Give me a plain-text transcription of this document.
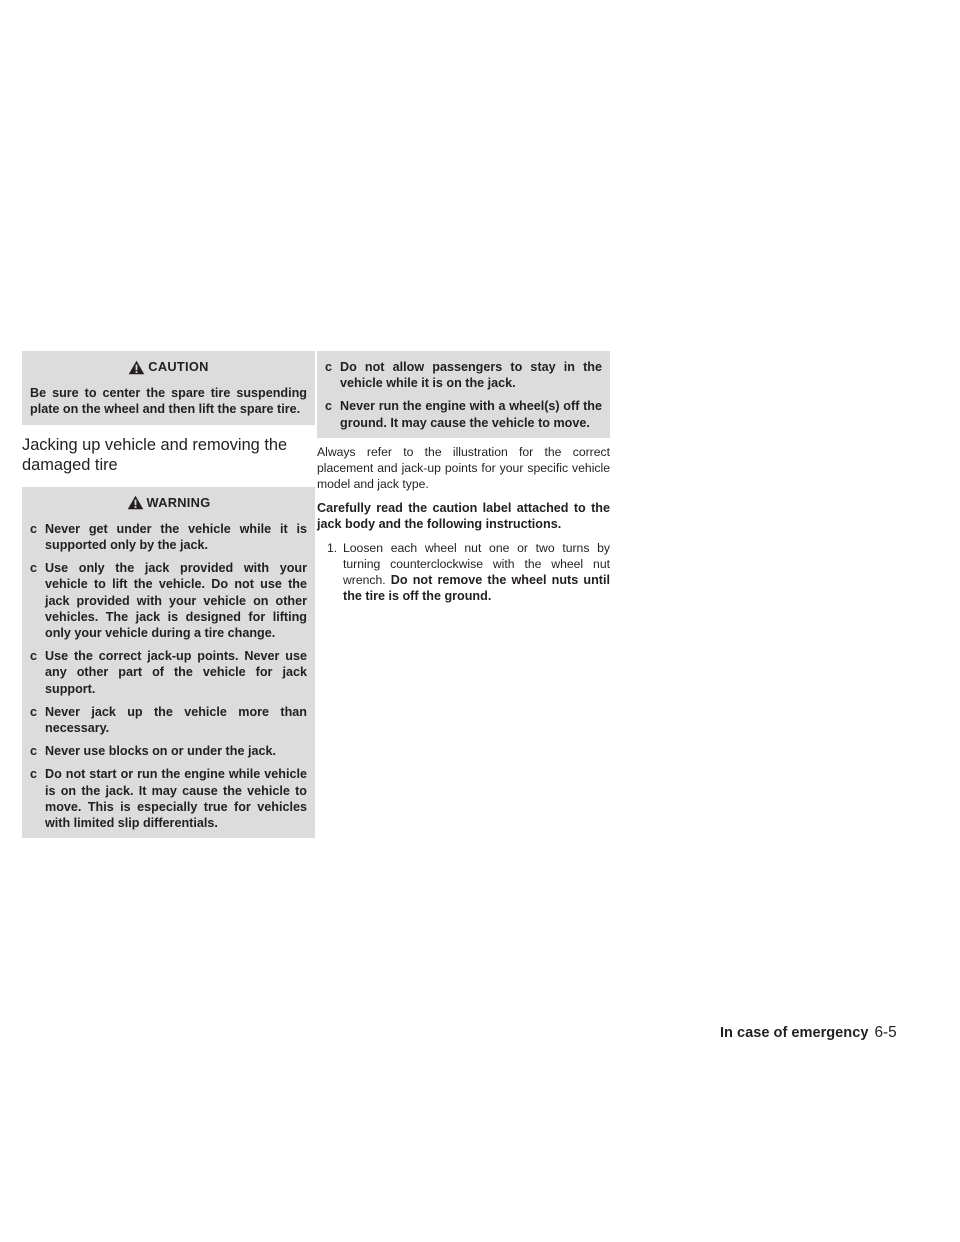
CAUTION

Be sure to center the spare tire suspending plate on the wheel and then lift the spare tire.

Jacking up vehicle and removing the
damaged tire
WARNING
c Never get under the vehicle while it is supported only by the jack.
c Use only the jack provided with your vehicle to lift the vehicle. Do not use the jack provided with your vehicle on other vehicles. The jack is designed for lifting only your vehicle during a tire change.
c Use the correct jack-up points. Never use any other part of the vehicle for jack support.
c Never jack up the vehicle more than necessary.
c Never use blocks on or under the jack.
c Do not start or run the engine while vehicle is on the jack. It may cause the vehicle to move. This is especially true for vehicles with limited slip differentials.
c Do not allow passengers to stay in the vehicle while it is on the jack.
c Never run the engine with a wheel(s) off the ground. It may cause the vehicle to move.

Always refer to the illustration for the correct placement and jack-up points for your specific vehicle model and jack type.

Carefully read the caution label attached to the jack body and the following instructions.

1. Loosen each wheel nut one or two turns by turning counterclockwise with the wheel nut wrench. Do not remove the wheel nuts until the tire is off the ground.
In case of emergency 6-5
